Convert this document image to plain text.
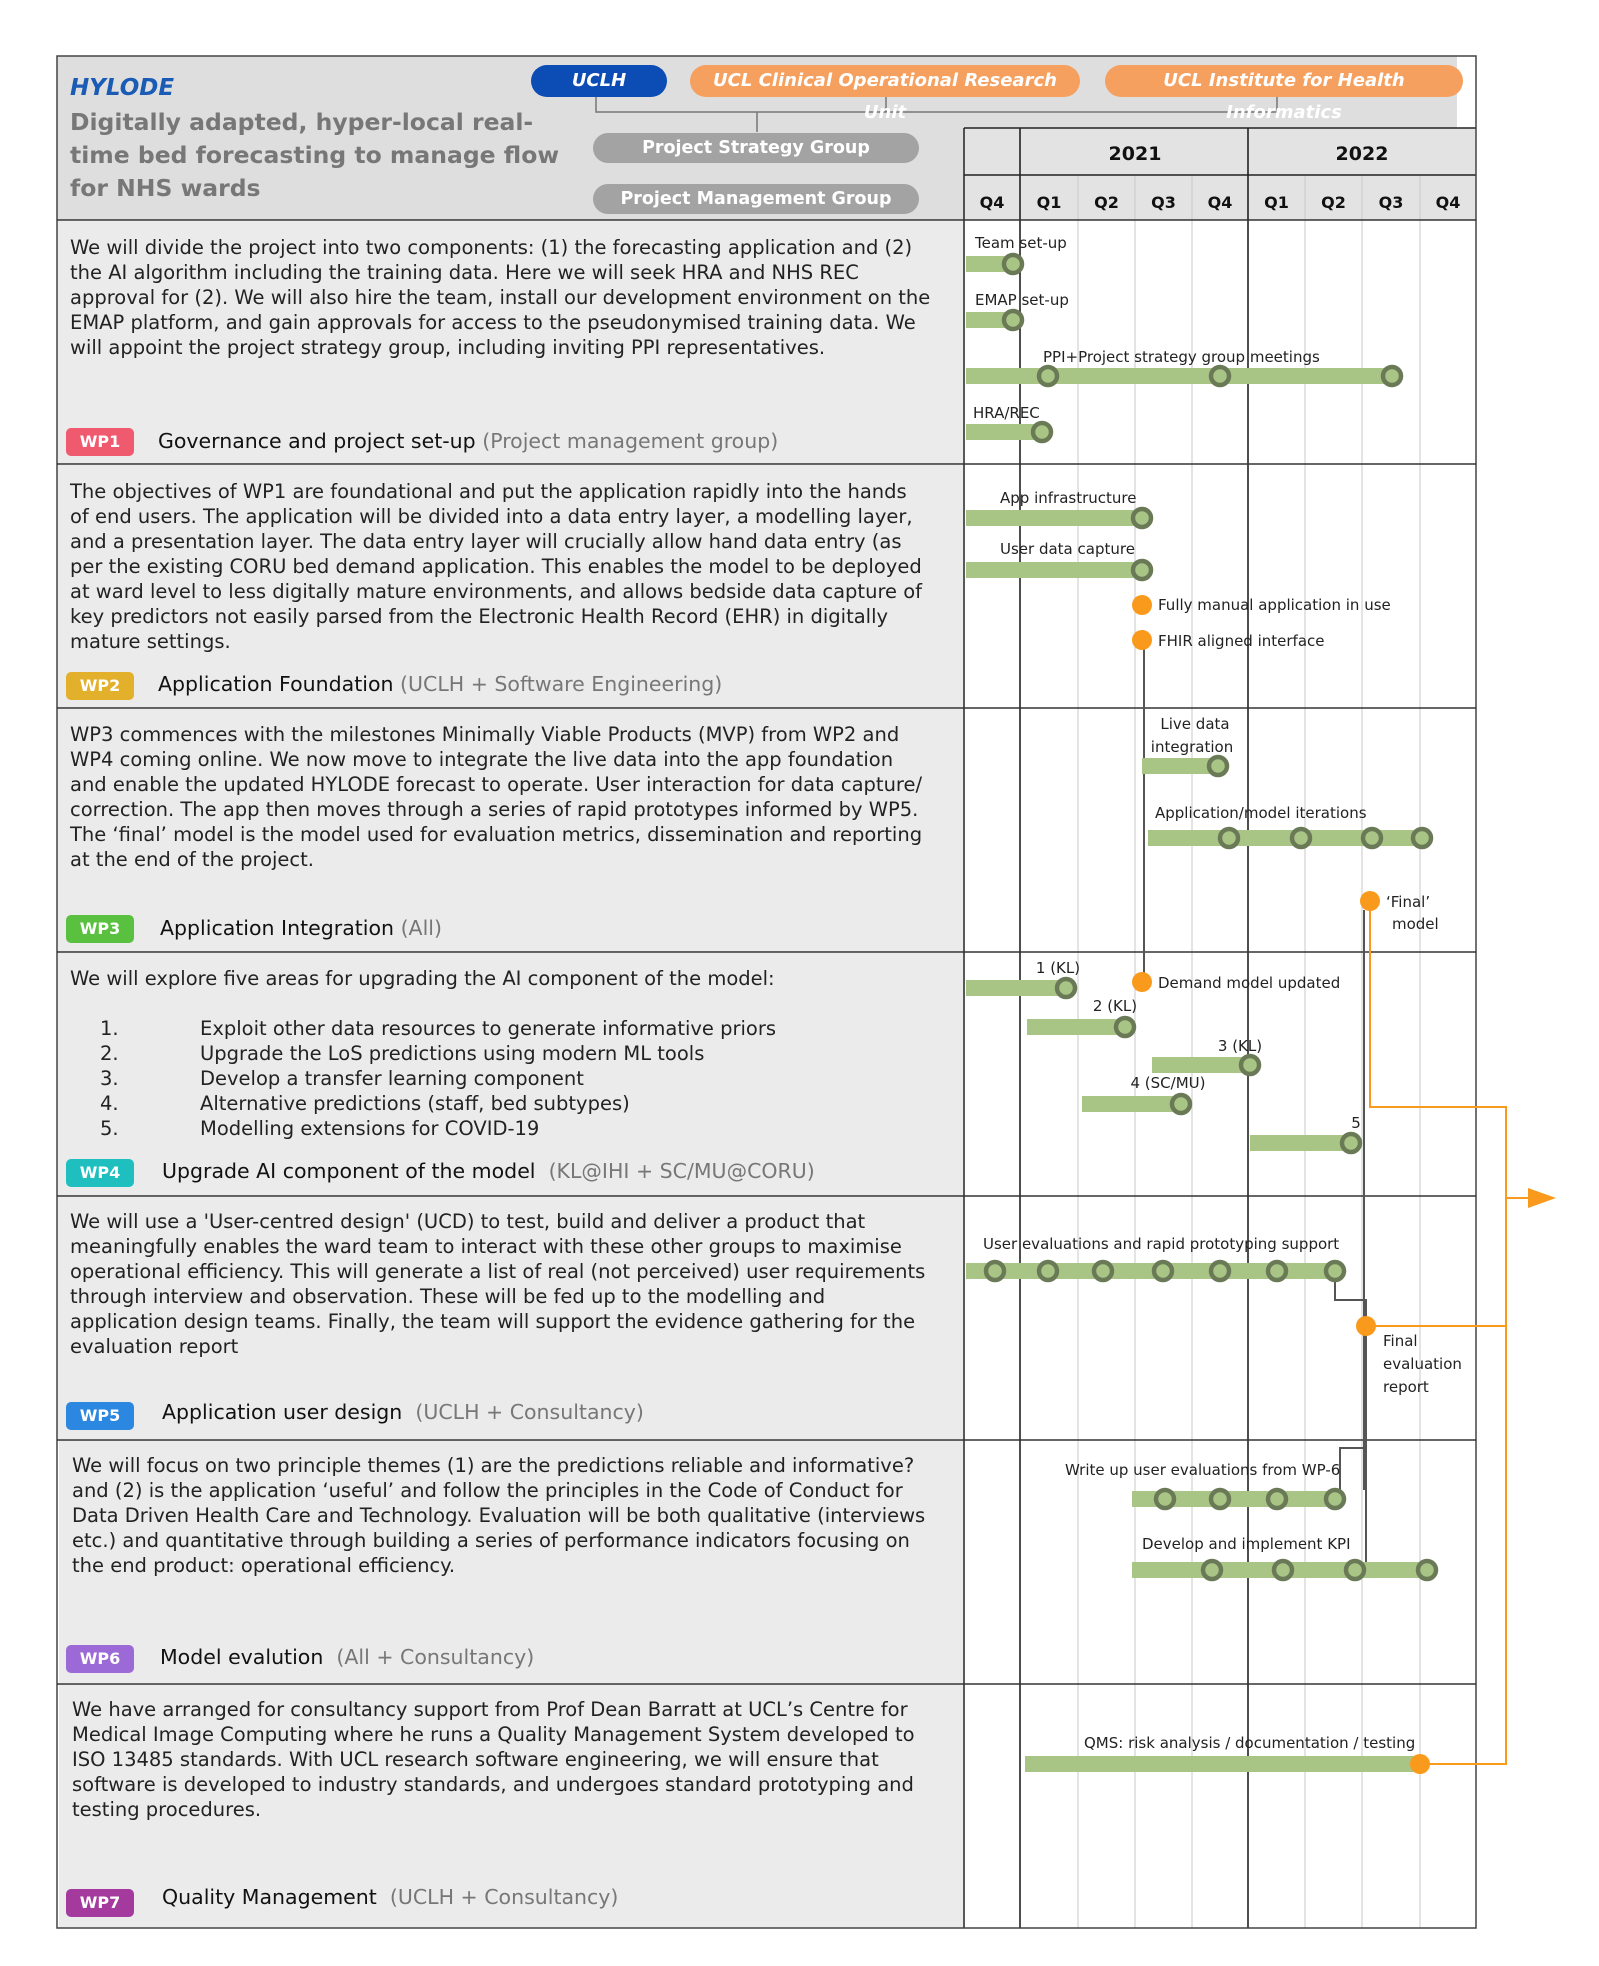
HYLODE
Digitally adapted, hyper-local real-
time bed forecasting to manage flow
for NHS wards
UCLH	UCL Clinical Operational Research Unit
UCL Institute for Health Informatics
Project Strategy Group
Project Management Group
We will divide the project into two components: (1) the forecasting application and (2)
the AI algorithm including the training data. Here we will seek HRA and NHS REC
approval for (2). We will also hire the team, install our development environment on the
EMAP platform, and gain approvals for access to the pseudonymised training data. We
will appoint the project strategy group, including inviting PPI representatives.
The objectives of WP1 are foundational and put the application rapidly into the hands
of end users. The application will be divided into a data entry layer, a modelling layer,
and a presentation layer. The data entry layer will crucially allow hand data entry (as
per the existing CORU bed demand application. This enables the model to be deployed
at ward level to less digitally mature environments, and allows bedside data capture of
key predictors not easily parsed from the Electronic Health Record (EHR) in digitally
mature settings.
WP3 commences with the milestones Minimally Viable Products (MVP) from WP2 and
WP4 coming online. We now move to integrate the live data into the app foundation
and enable the updated HYLODE forecast to operate. User interaction for data capture/
correction. The app then moves through a series of rapid prototypes informed by WP5.
The ‘final’ model is the model used for evaluation metrics, dissemination and reporting
at the end of the project.
We will explore five areas for upgrading the AI component of the model:
1.	Exploit other data resources to generate informative priors
2.	Upgrade the LoS predictions using modern ML tools
3.	Develop a transfer learning component
4.	Alternative predictions (staff, bed subtypes)
5.	Modelling extensions for COVID-19
We will use a 'User-centred design' (UCD) to test, build and deliver a product that
meaningfully enables the ward team to interact with these other groups to maximise
operational efficiency. This will generate a list of real (not perceived) user requirements
through interview and observation. These will be fed up to the modelling and
application design teams. Finally, the team will support the evidence gathering for the
evaluation report
We will focus on two principle themes (1) are the predictions reliable and informative?
and (2) is the application ‘useful’ and follow the principles in the Code of Conduct for
Data Driven Health Care and Technology. Evaluation will be both qualitative (interviews
etc.) and quantitative through building a series of performance indicators focusing on
the end product: operational efficiency.
We have arranged for consultancy support from Prof Dean Barratt at UCL’s Centre for
Medical Image Computing where he runs a Quality Management System developed to
ISO 13485 standards. With UCL research software engineering, we will ensure that
software is developed to industry standards, and undergoes standard prototyping and
testing procedures.
WP1	Governance and project set-up (Project management group)
WP2	Application Foundation (UCLH + Software Engineering)
WP3	Application Integration (All)
WP4	Upgrade AI component of the model (KL@IHI + SC/MU@CORU)
WP5	Application user design (UCLH + Consultancy)
WP6	Model evalution (All + Consultancy)
WP7	Quality Management (UCLH + Consultancy)
2021	2022
Q4 Q1 Q2 Q3 Q4 Q1 Q2 Q3 Q4
Team set-up
EMAP set-up
PPI+Project strategy group meetings
HRA/REC
App infrastructure
User data capture
Fully manual application in use
FHIR aligned interface
Live data
integration
Application/model iterations
‘Final’
model
1 (KL)
Demand model updated
2 (KL)
3 (KL)
4 (SC/MU)
5
User evaluations and rapid prototyping support
Final
evaluation
report
Write up user evaluations from WP-6
Develop and implement KPI
QMS: risk analysis / documentation / testing
